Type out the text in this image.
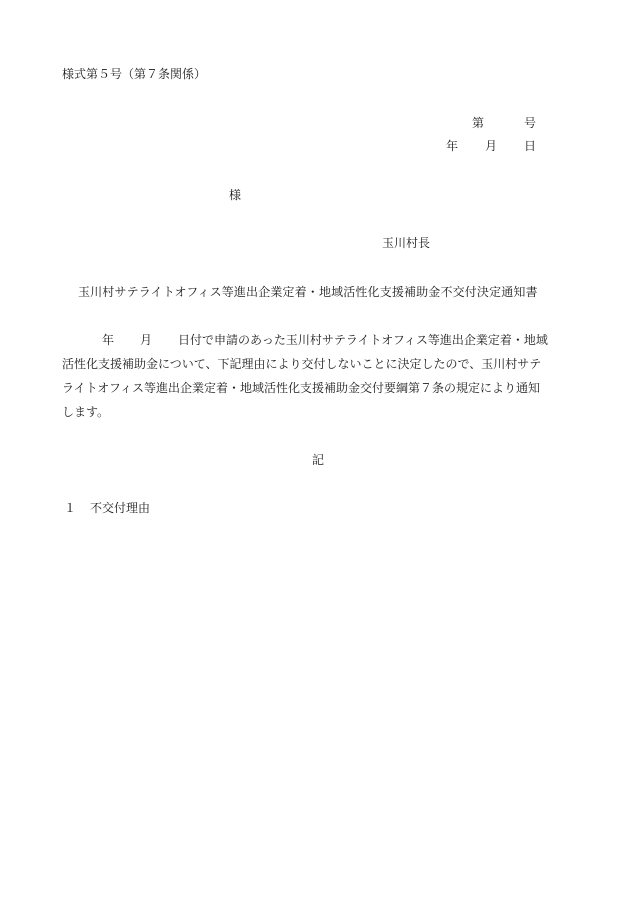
様式第５号（第７条関係）
第	号
年 月 日
様
玉川村長
玉川村サテライトオフィス等進出企業定着・地域活性化支援補助金不交付決定通知書
年 月 日付で申請のあった玉川村サテライトオフィス等進出企業定着・地域
活性化支援補助金について、下記理由により交付しないことに決定したので、玉川村サテ
ライトオフィス等進出企業定着・地域活性化支援補助金交付要綱第７条の規定により通知
します。
記
１ 不交付理由
